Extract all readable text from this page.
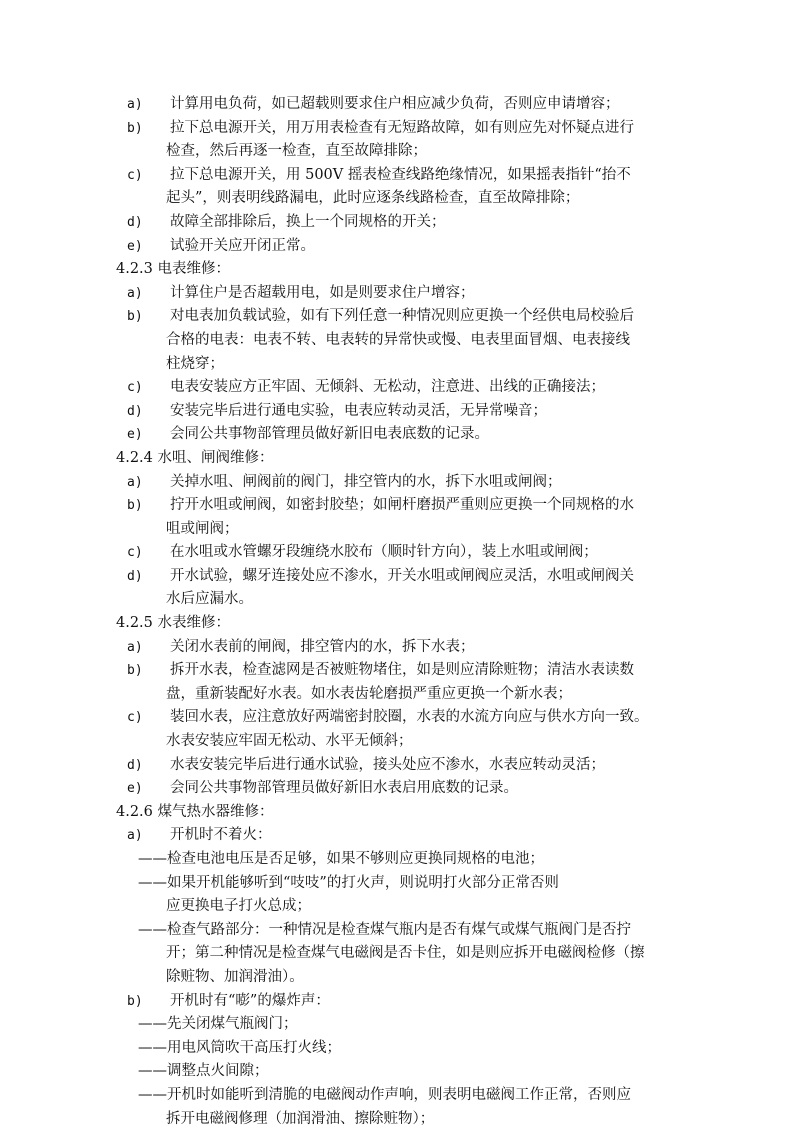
a) 计算用电负荷，如已超载则要求住户相应减少负荷，否则应申请增容；
b) 拉下总电源开关，用万用表检查有无短路故障，如有则应先对怀疑点进行
检查，然后再逐一检查，直至故障排除；
c) 拉下总电源开关，用 500V 摇表检查线路绝缘情况，如果摇表指针“抬不
起头”，则表明线路漏电，此时应逐条线路检查，直至故障排除；
d) 故障全部排除后，换上一个同规格的开关；
e) 试验开关应开闭正常。
4.2.3 电表维修：
a) 计算住户是否超载用电，如是则要求住户增容；
b) 对电表加负载试验，如有下列任意一种情况则应更换一个经供电局校验后
合格的电表：电表不转、电表转的异常快或慢、电表里面冒烟、电表接线
柱烧穿；
c) 电表安装应方正牢固、无倾斜、无松动，注意进、出线的正确接法；
d) 安装完毕后进行通电实验，电表应转动灵活，无异常噪音；
e) 会同公共事物部管理员做好新旧电表底数的记录。
4.2.4 水咀、闸阀维修：
a) 关掉水咀、闸阀前的阀门，排空管内的水，拆下水咀或闸阀；
b) 拧开水咀或闸阀，如密封胶垫；如闸杆磨损严重则应更换一个同规格的水
咀或闸阀；
c) 在水咀或水管螺牙段缠绕水胶布（顺时针方向），装上水咀或闸阀；
d) 开水试验，螺牙连接处应不渗水，开关水咀或闸阀应灵活，水咀或闸阀关
水后应漏水。
4.2.5 水表维修：
a) 关闭水表前的闸阀，排空管内的水，拆下水表；
b) 拆开水表，检查滤网是否被赃物堵住，如是则应清除赃物；清洁水表读数
盘，重新装配好水表。如水表齿轮磨损严重应更换一个新水表；
c) 装回水表，应注意放好两端密封胶圈，水表的水流方向应与供水方向一致。
水表安装应牢固无松动、水平无倾斜；
d) 水表安装完毕后进行通水试验，接头处应不渗水，水表应转动灵活；
e) 会同公共事物部管理员做好新旧水表启用底数的记录。
4.2.6 煤气热水器维修：
a) 开机时不着火：
——检查电池电压是否足够，如果不够则应更换同规格的电池；
——如果开机能够听到“吱吱”的打火声，则说明打火部分正常否则
应更换电子打火总成；
——检查气路部分：一种情况是检查煤气瓶内是否有煤气或煤气瓶阀门是否拧
开；第二种情况是检查煤气电磁阀是否卡住，如是则应拆开电磁阀检修（擦
除赃物、加润滑油）。
b) 开机时有“嘭”的爆炸声：
——先关闭煤气瓶阀门；
——用电风筒吹干高压打火线；
——调整点火间隙；
——开机时如能听到清脆的电磁阀动作声响，则表明电磁阀工作正常，否则应
拆开电磁阀修理（加润滑油、擦除赃物）；
